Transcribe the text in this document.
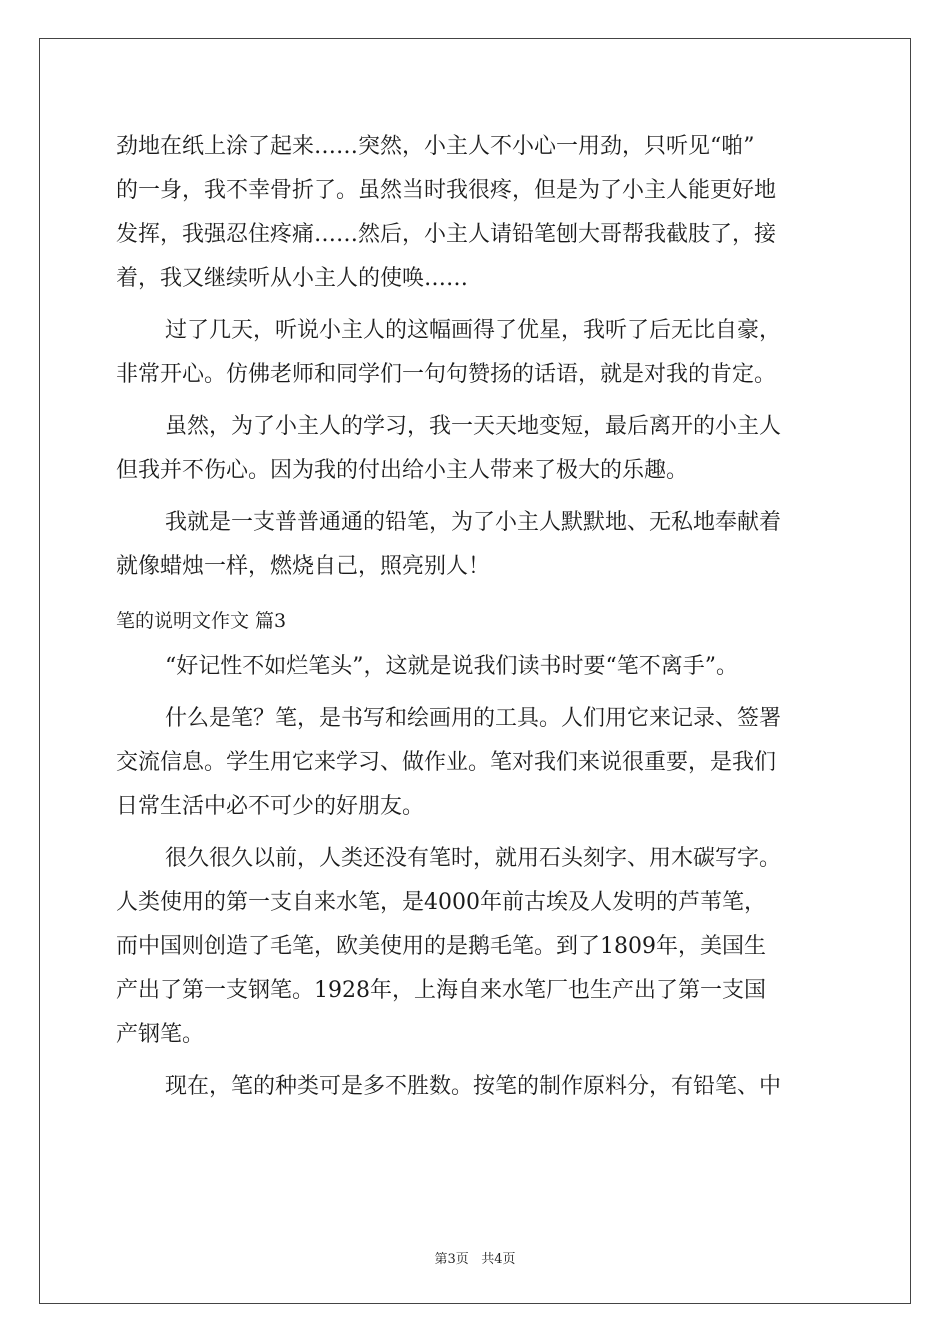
劲地在纸上涂了起来……突然，小主人不小心一用劲，只听见“啪”
的一身，我不幸骨折了。虽然当时我很疼，但是为了小主人能更好地
发挥，我强忍住疼痛……然后，小主人请铅笔刨大哥帮我截肢了，接
着，我又继续听从小主人的使唤……
过了几天，听说小主人的这幅画得了优星，我听了后无比自豪，
非常开心。仿佛老师和同学们一句句赞扬的话语，就是对我的肯定。
虽然，为了小主人的学习，我一天天地变短，最后离开的小主人
但我并不伤心。因为我的付出给小主人带来了极大的乐趣。
我就是一支普普通通的铅笔，为了小主人默默地、无私地奉献着
就像蜡烛一样，燃烧自己，照亮别人！
笔的说明文作文 篇3
“好记性不如烂笔头”，这就是说我们读书时要“笔不离手”。
什么是笔？笔，是书写和绘画用的工具。人们用它来记录、签署
交流信息。学生用它来学习、做作业。笔对我们来说很重要，是我们
日常生活中必不可少的好朋友。
很久很久以前，人类还没有笔时，就用石头刻字、用木碳写字。
人类使用的第一支自来水笔，是4000年前古埃及人发明的芦苇笔，
而中国则创造了毛笔，欧美使用的是鹅毛笔。到了1809年，美国生
产出了第一支钢笔。1928年，上海自来水笔厂也生产出了第一支国
产钢笔。
现在，笔的种类可是多不胜数。按笔的制作原料分，有铅笔、中
第3页 共4页
